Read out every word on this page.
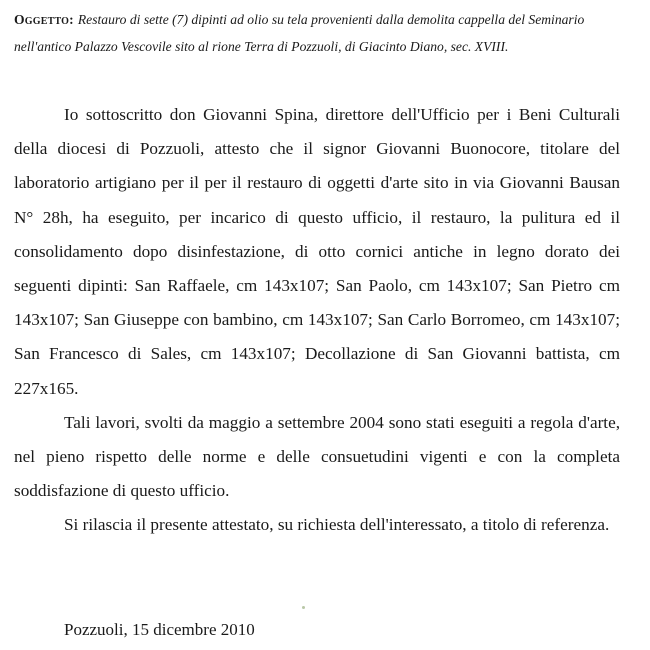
Oggetto: Restauro di sette (7) dipinti ad olio su tela provenienti dalla demolita cappella del Seminario nell'antico Palazzo Vescovile sito al rione Terra di Pozzuoli, di Giacinto Diano, sec. XVIII.

Io sottoscritto don Giovanni Spina, direttore dell'Ufficio per i Beni Culturali della diocesi di Pozzuoli, attesto che il signor Giovanni Buonocore, titolare del laboratorio artigiano per il per il restauro di oggetti d'arte sito in via Giovanni Bausan N° 28h, ha eseguito, per incarico di questo ufficio, il restauro, la pulitura ed il consolidamento dopo disinfestazione, di otto cornici antiche in legno dorato dei seguenti dipinti: San Raffaele, cm 143x107; San Paolo, cm 143x107; San Pietro cm 143x107; San Giuseppe con bambino, cm 143x107; San Carlo Borromeo, cm 143x107; San Francesco di Sales, cm 143x107; Decollazione di San Giovanni battista, cm 227x165.

Tali lavori, svolti da maggio a settembre 2004 sono stati eseguiti a regola d'arte, nel pieno rispetto delle norme e delle consuetudini vigenti e con la completa soddisfazione di questo ufficio.

Si rilascia il presente attestato, su richiesta dell'interessato, a titolo di referenza.

Pozzuoli, 15 dicembre 2010
